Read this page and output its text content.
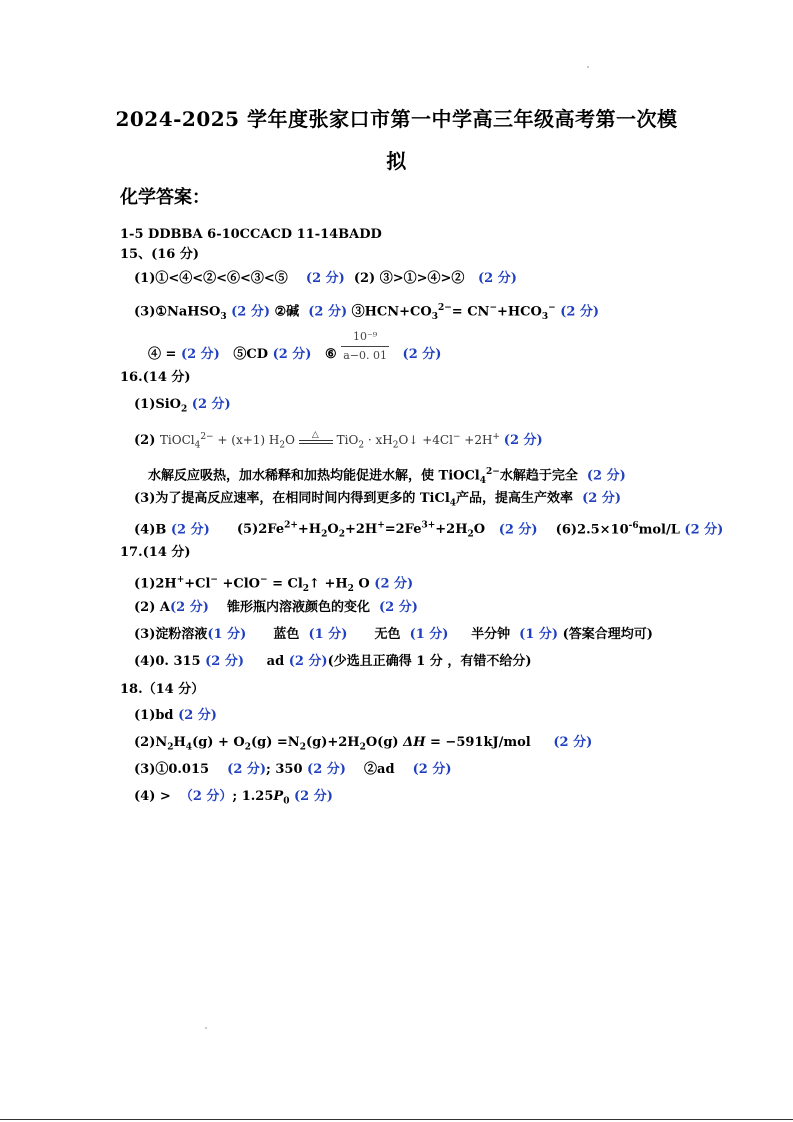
2024-2025 学年度张家口市第一中学高三年级高考第一次模
拟
化学答案：
1-5 DDBBA 6-10CCACD 11-14BADD
15、(16 分)
(1)①<④<②<⑥<③<⑤ (2 分) (2) ③>①>④>② (2 分)
(3)①NaHSO$_3$ (2 分) ②碱 (2 分) $③HCN+CO_3^{2-}= CN^-+HCO_3^-$ (2 分)
④ = (2 分) ⑤CD (2 分) ⑥ $\frac{\text{10⁻⁹}}{a-0. 01} (2$ 分)
16.(14 分)
(1)SiO$_2$ (2 分)
(2) TiOCl$_4^{2-}$ + (x+1) $H_2O$ △ $TiO_2 \cdot xH_2O↓ +4Cl^- +2H^+$ (2 分)
水解反应吸热，加水稀释和加热均能促进水解，使 TiOCl$_4^{2-}$水解趋于完全 (2 分)
(3)为了提高反应速率，在相同时间内得到更多的 TiCl$_4$产品，提高生产效率 (2 分)
(4)B (2 分) $(5)2Fe^{2+}+H_2O_2+2H^+=2Fe^{3+}+2H_2O$ (2 分) $(6)2.5\times 10^{-6}mol/L$ (2 分)
17.(14 分)
$(1)2H^++Cl^- +ClO^- = Cl_2↑ +H_2$ O (2 分)
(2) A(2 分) 锥形瓶内溶液颜色的变化 (2 分)
(3)淀粉溶液(1 分) 蓝色 (1 分) 无色 (1 分) 半分钟 (1 分) (答案合理均可)
(4)0. 315 (2 分) ad (2 分)(少选且正确得 1 分 ，有错不给分)
18.（14 分）
(1)bd (2 分)
$(2)N_2H_4(g) + O_2(g) =N_2(g)+2H_2O(g) \Delta H = -591kJ/mol$ (2 分)
(3)①0.015 (2 分); 350 (2 分) ②ad (2 分)
(4) > （2 分）; $1.25P_0$ (2 分)
